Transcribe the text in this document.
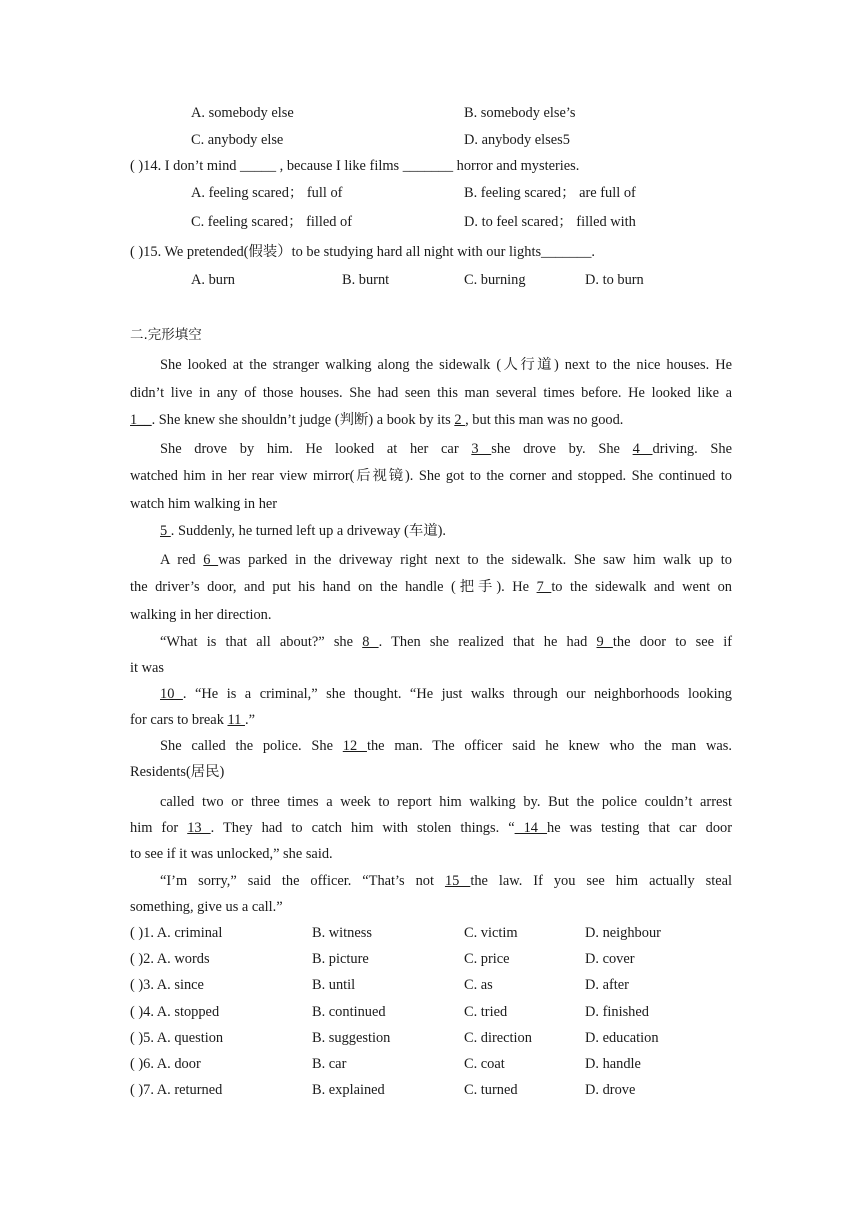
A. somebody else	B. somebody else’s
C. anybody else	D. anybody elses5
( )14. I don’t mind _____ , because I like films _______ horror and mysteries.
A. feeling scared； full of	B. feeling scared； are full of
C. feeling scared； filled of	D. to feel scared； filled with
( )15. We pretended(假装）to be studying hard all night with our lights_______.
A. burn	B. burnt	C. burning	D. to burn
二.完形填空
She looked at the stranger walking along the sidewalk (人行道) next to the nice houses. He
didn’t live in any of those houses. She had seen this man several times before. He looked like a
1__. She knew she shouldn’t judge (判断) a book by its 2 , but this man was no good.
She drove by him. He looked at her car 3 she drove by. She 4 driving. She
watched him in her rear view mirror(后视镜). She got to the corner and stopped. She continued to
watch him walking in her
5 . Suddenly, he turned left up a driveway (车道).
A red 6 was parked in the driveway right next to the sidewalk. She saw him walk up to
the driver’s door, and put his hand on the handle (把手). He 7 to the sidewalk and went on
walking in her direction.
“What is that all about?” she 8 . Then she realized that he had 9 the door to see if
it was
10 . “He is a criminal,” she thought. “He just walks through our neighborhoods looking
for cars to break 11 .”
She called the police. She 12 the man. The officer said he knew who the man was.
Residents(居民)
called two or three times a week to report him walking by. But the police couldn’t arrest
him for 13 . They had to catch him with stolen things. “ 14 he was testing that car door
to see if it was unlocked,” she said.
“I’m sorry,” said the officer. “That’s not 15 the law. If you see him actually steal
something, give us a call.”
( )1. A. criminal	B. witness	C. victim	D. neighbour
( )2. A. words	B. picture	C. price	D. cover
( )3. A. since	B. until	C. as	D. after
( )4. A. stopped	B. continued	C. tried	D. finished
( )5. A. question	B. suggestion	C. direction	D. education
( )6. A. door	B. car	C. coat	D. handle
( )7. A. returned	B. explained	C. turned	D. drove
